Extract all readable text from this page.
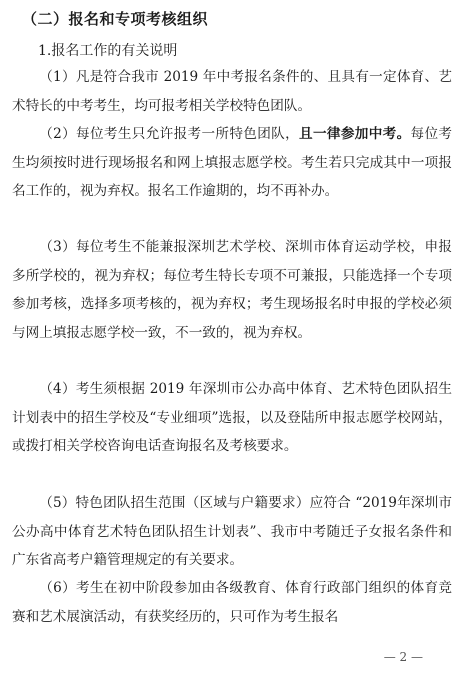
（二）报名和专项考核组织
1.报名工作的有关说明

（1）凡是符合我市 2019 年中考报名条件的、且具有一定体育、艺术特长的中考考生，均可报考相关学校特色团队。

（2）每位考生只允许报考一所特色团队，且一律参加中考。每位考生均须按时进行现场报名和网上填报志愿学校。考生若只完成其中一项报名工作的，视为弃权。报名工作逾期的，均不再补办。

（3）每位考生不能兼报深圳艺术学校、深圳市体育运动学校，申报多所学校的，视为弃权；每位考生特长专项不可兼报，只能选择一个专项参加考核，选择多项考核的，视为弃权；考生现场报名时申报的学校必须与网上填报志愿学校一致，不一致的，视为弃权。

（4）考生须根据 2019 年深圳市公办高中体育、艺术特色团队招生计划表中的招生学校及“专业细项”选报，以及登陆所申报志愿学校网站，或拨打相关学校咨询电话查询报名及考核要求。

（5）特色团队招生范围（区域与户籍要求）应符合 “2019年深圳市公办高中体育艺术特色团队招生计划表”、我市中考随迁子女报名条件和广东省高考户籍管理规定的有关要求。

（6）考生在初中阶段参加由各级教育、体育行政部门组织的体育竞赛和艺术展演活动，有获奖经历的，只可作为考生报名

— 2 —
